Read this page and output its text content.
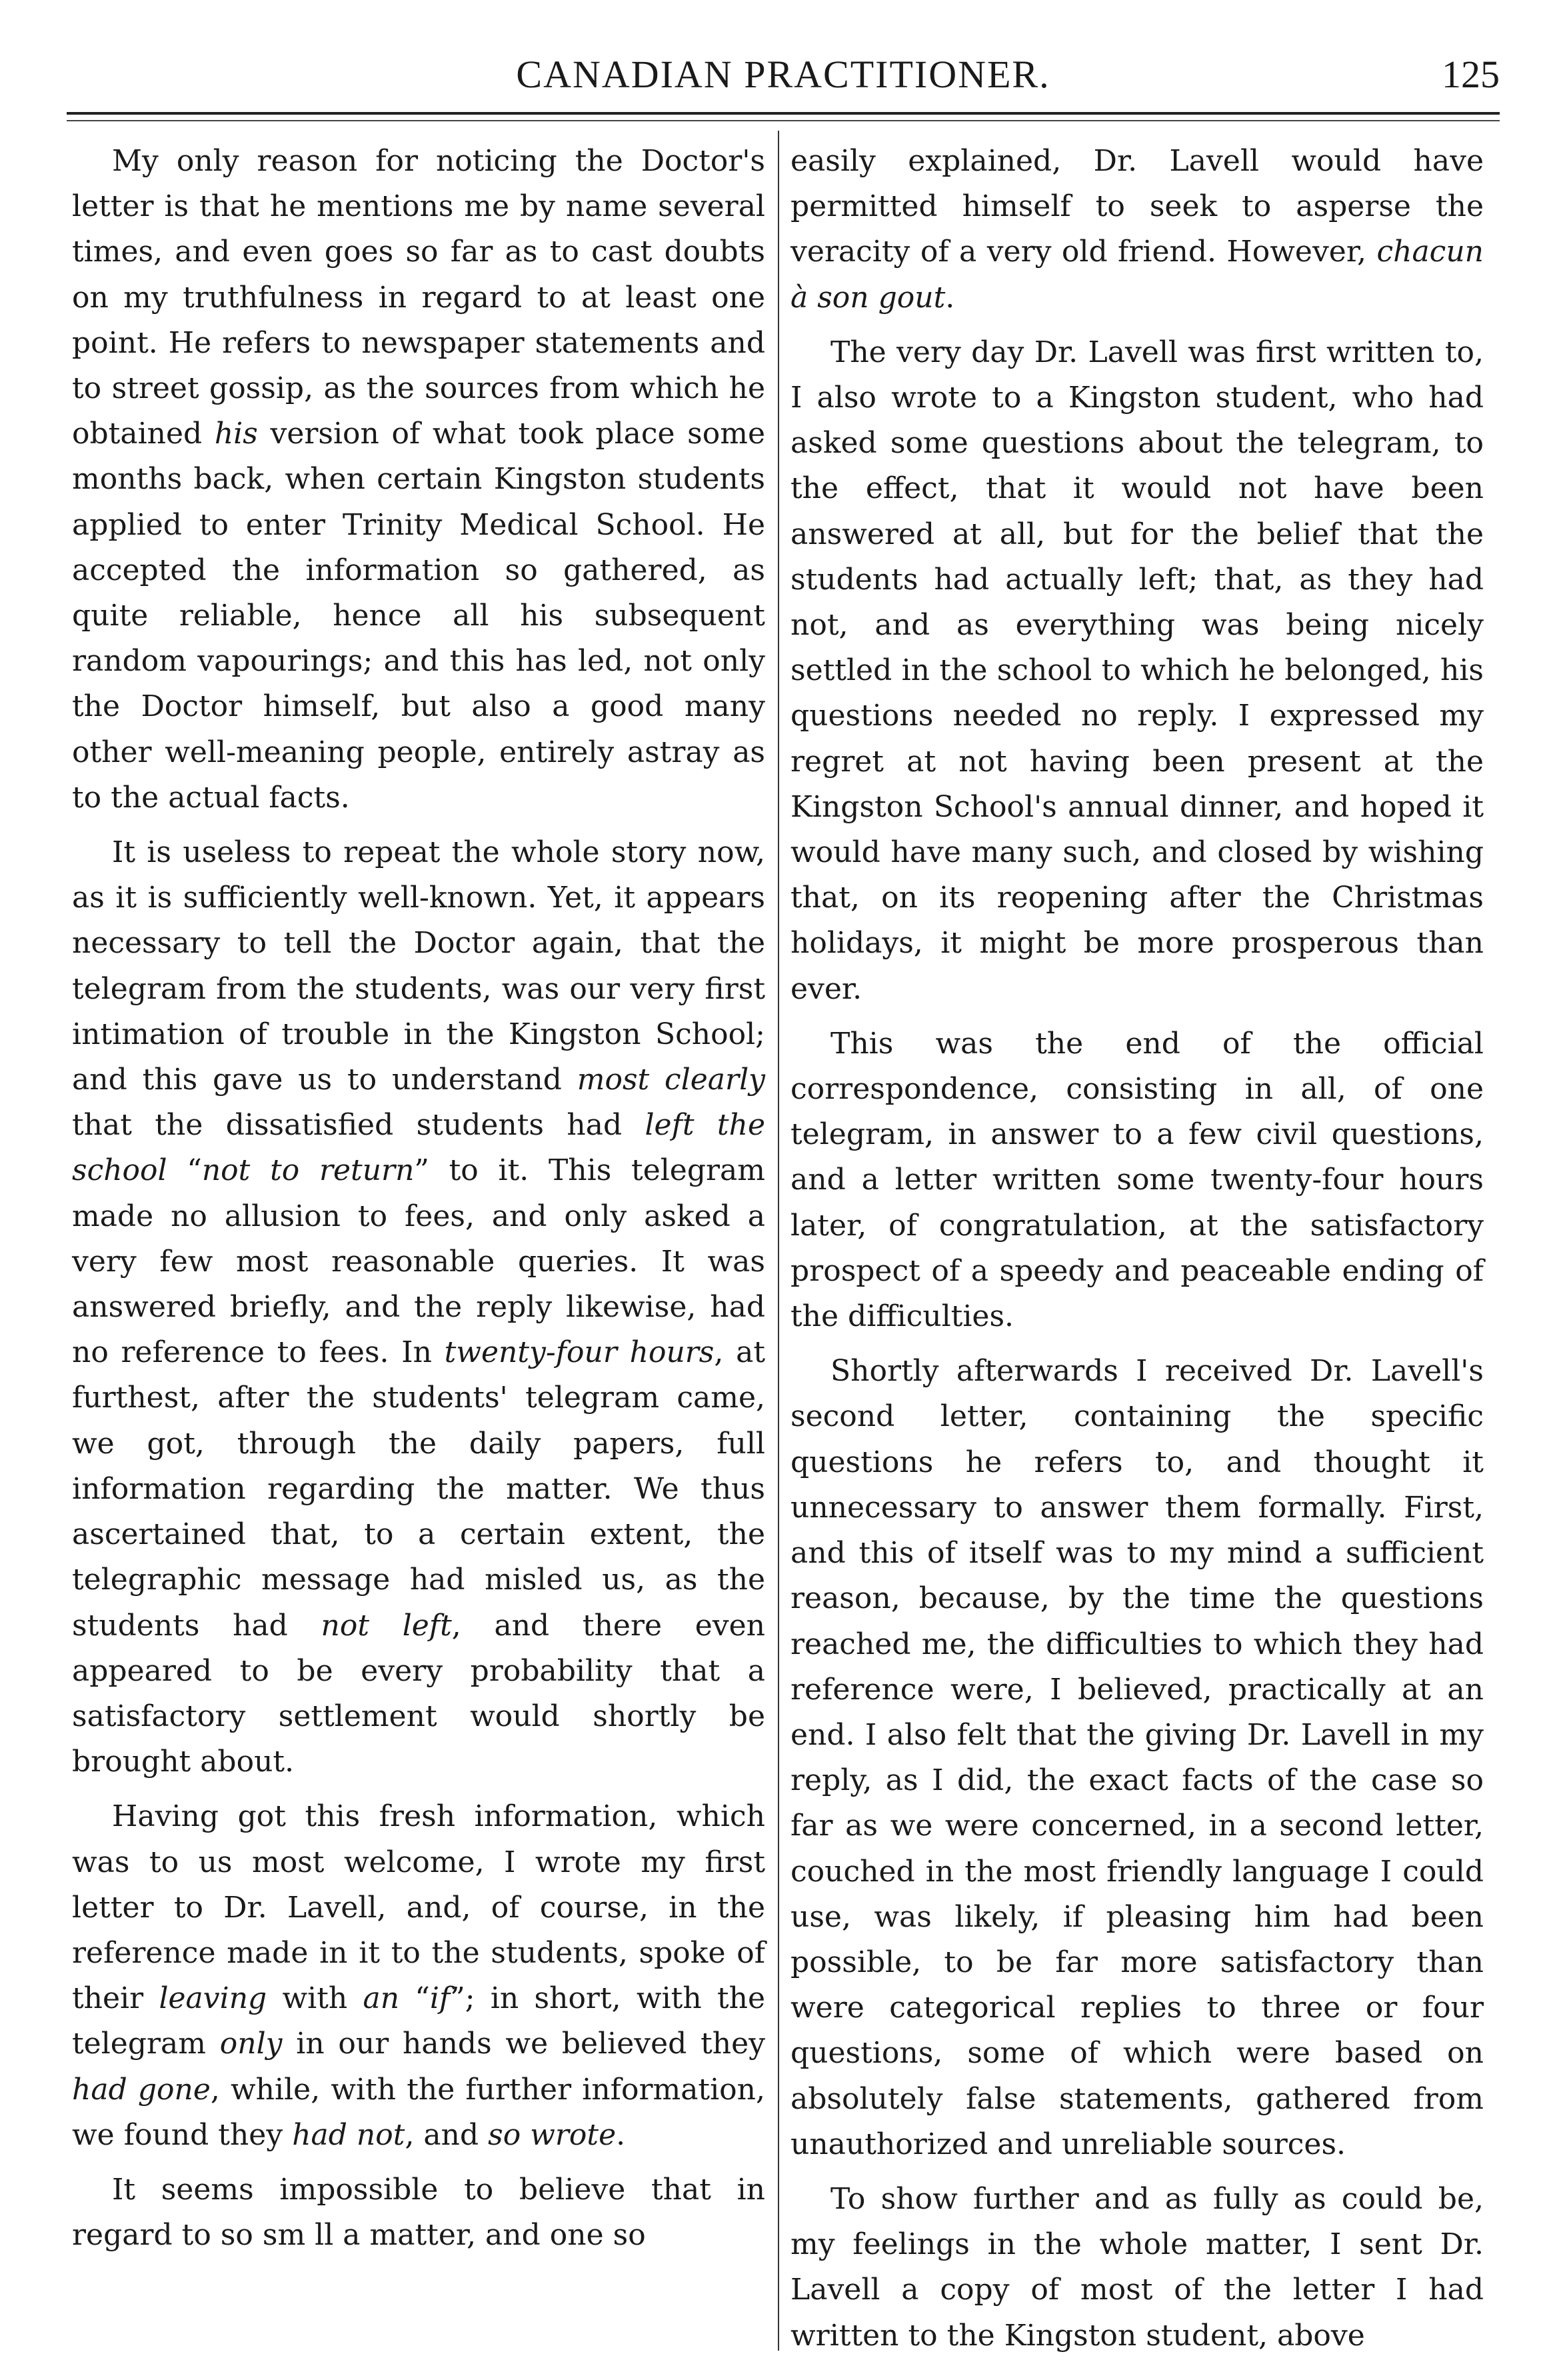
CANADIAN PRACTITIONER.	125

My only reason for noticing the Doctor's letter is that he mentions me by name several times, and even goes so far as to cast doubts on my truthfulness in regard to at least one point. He refers to newspaper statements and to street gossip, as the sources from which he obtained his version of what took place some months back, when certain Kingston students applied to enter Trinity Medical School. He accepted the information so gathered, as quite reliable, hence all his subsequent random vapourings; and this has led, not only the Doctor himself, but also a good many other well-meaning people, entirely astray as to the actual facts.

It is useless to repeat the whole story now, as it is sufficiently well-known. Yet, it appears necessary to tell the Doctor again, that the telegram from the students, was our very first intimation of trouble in the Kingston School; and this gave us to understand most clearly that the dissatisfied students had left the school “not to return” to it. This telegram made no allusion to fees, and only asked a very few most reasonable queries. It was answered briefly, and the reply likewise, had no reference to fees. In twenty-four hours, at furthest, after the students' telegram came, we got, through the daily papers, full information regarding the matter. We thus ascertained that, to a certain extent, the telegraphic message had misled us, as the students had not left, and there even appeared to be every probability that a satisfactory settlement would shortly be brought about.

Having got this fresh information, which was to us most welcome, I wrote my first letter to Dr. Lavell, and, of course, in the reference made in it to the students, spoke of their leaving with an “if”; in short, with the telegram only in our hands we believed they had gone, while, with the further information, we found they had not, and so wrote.

It seems impossible to believe that in regard to so sm ll a matter, and one so

easily explained, Dr. Lavell would have permitted himself to seek to asperse the veracity of a very old friend. However, chacun à son gout.

The very day Dr. Lavell was first written to, I also wrote to a Kingston student, who had asked some questions about the telegram, to the effect, that it would not have been answered at all, but for the belief that the students had actually left; that, as they had not, and as everything was being nicely settled in the school to which he belonged, his questions needed no reply. I expressed my regret at not having been present at the Kingston School's annual dinner, and hoped it would have many such, and closed by wishing that, on its reopening after the Christmas holidays, it might be more prosperous than ever.

This was the end of the official correspondence, consisting in all, of one telegram, in answer to a few civil questions, and a letter written some twenty-four hours later, of congratulation, at the satisfactory prospect of a speedy and peaceable ending of the difficulties.

Shortly afterwards I received Dr. Lavell's second letter, containing the specific questions he refers to, and thought it unnecessary to answer them formally. First, and this of itself was to my mind a sufficient reason, because, by the time the questions reached me, the difficulties to which they had reference were, I believed, practically at an end. I also felt that the giving Dr. Lavell in my reply, as I did, the exact facts of the case so far as we were concerned, in a second letter, couched in the most friendly language I could use, was likely, if pleasing him had been possible, to be far more satisfactory than were categorical replies to three or four questions, some of which were based on absolutely false statements, gathered from unauthorized and unreliable sources.

To show further and as fully as could be, my feelings in the whole matter, I sent Dr. Lavell a copy of most of the letter I had written to the Kingston student, above
